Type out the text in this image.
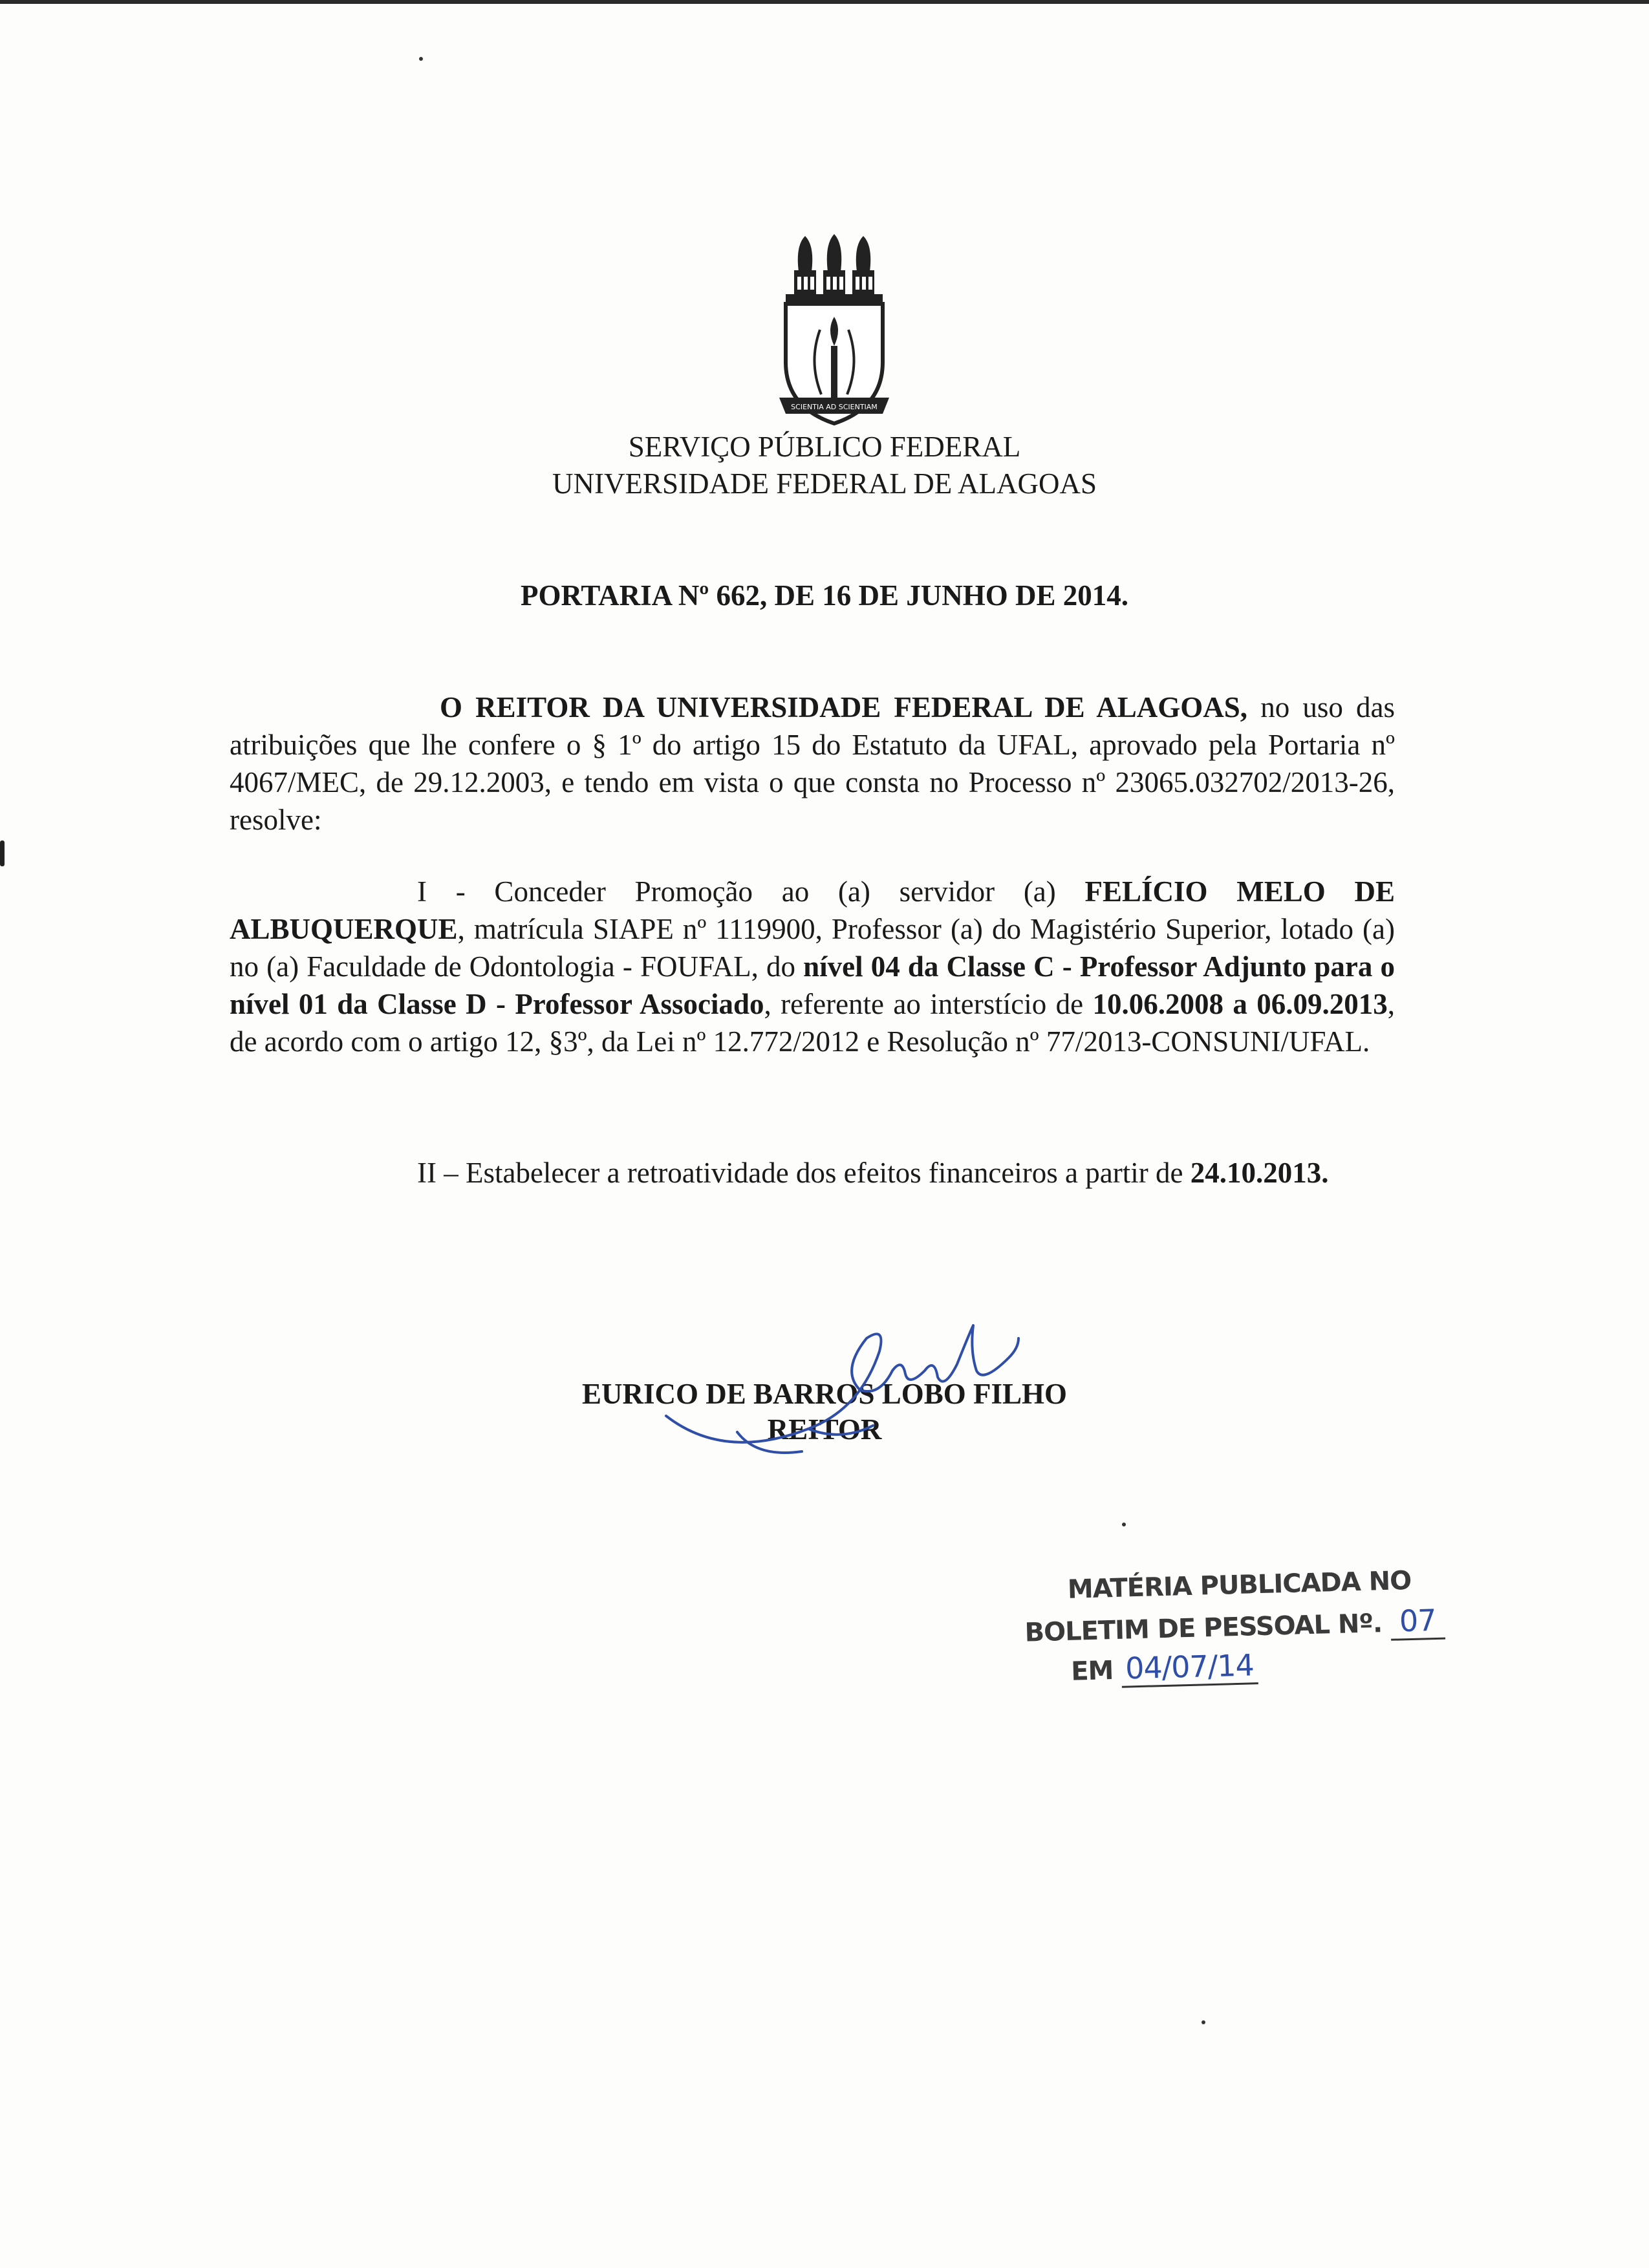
SCIENTIA AD SCIENTIAM
SERVIÇO PÚBLICO FEDERAL
UNIVERSIDADE FEDERAL DE ALAGOAS
PORTARIA Nº 662, DE 16 DE JUNHO DE 2014.
O REITOR DA UNIVERSIDADE FEDERAL DE ALAGOAS, no uso das atribuições que lhe confere o § 1º do artigo 15 do Estatuto da UFAL, aprovado pela Portaria nº 4067/MEC, de 29.12.2003, e tendo em vista o que consta no Processo nº 23065.032702/2013-26, resolve:
I - Conceder Promoção ao (a) servidor (a) FELÍCIO MELO DE ALBUQUERQUE, matrícula SIAPE nº 1119900, Professor (a) do Magistério Superior, lotado (a) no (a) Faculdade de Odontologia - FOUFAL, do nível 04 da Classe C - Professor Adjunto para o nível 01 da Classe D - Professor Associado, referente ao interstício de 10.06.2008 a 06.09.2013, de acordo com o artigo 12, §3º, da Lei nº 12.772/2012 e Resolução nº 77/2013-CONSUNI/UFAL.
II – Estabelecer a retroatividade dos efeitos financeiros a partir de 24.10.2013.
EURICO DE BARROS LOBO FILHO
REITOR
MATÉRIA PUBLICADA NO
BOLETIM DE PESSOAL Nº. 07
EM 04/07/14
